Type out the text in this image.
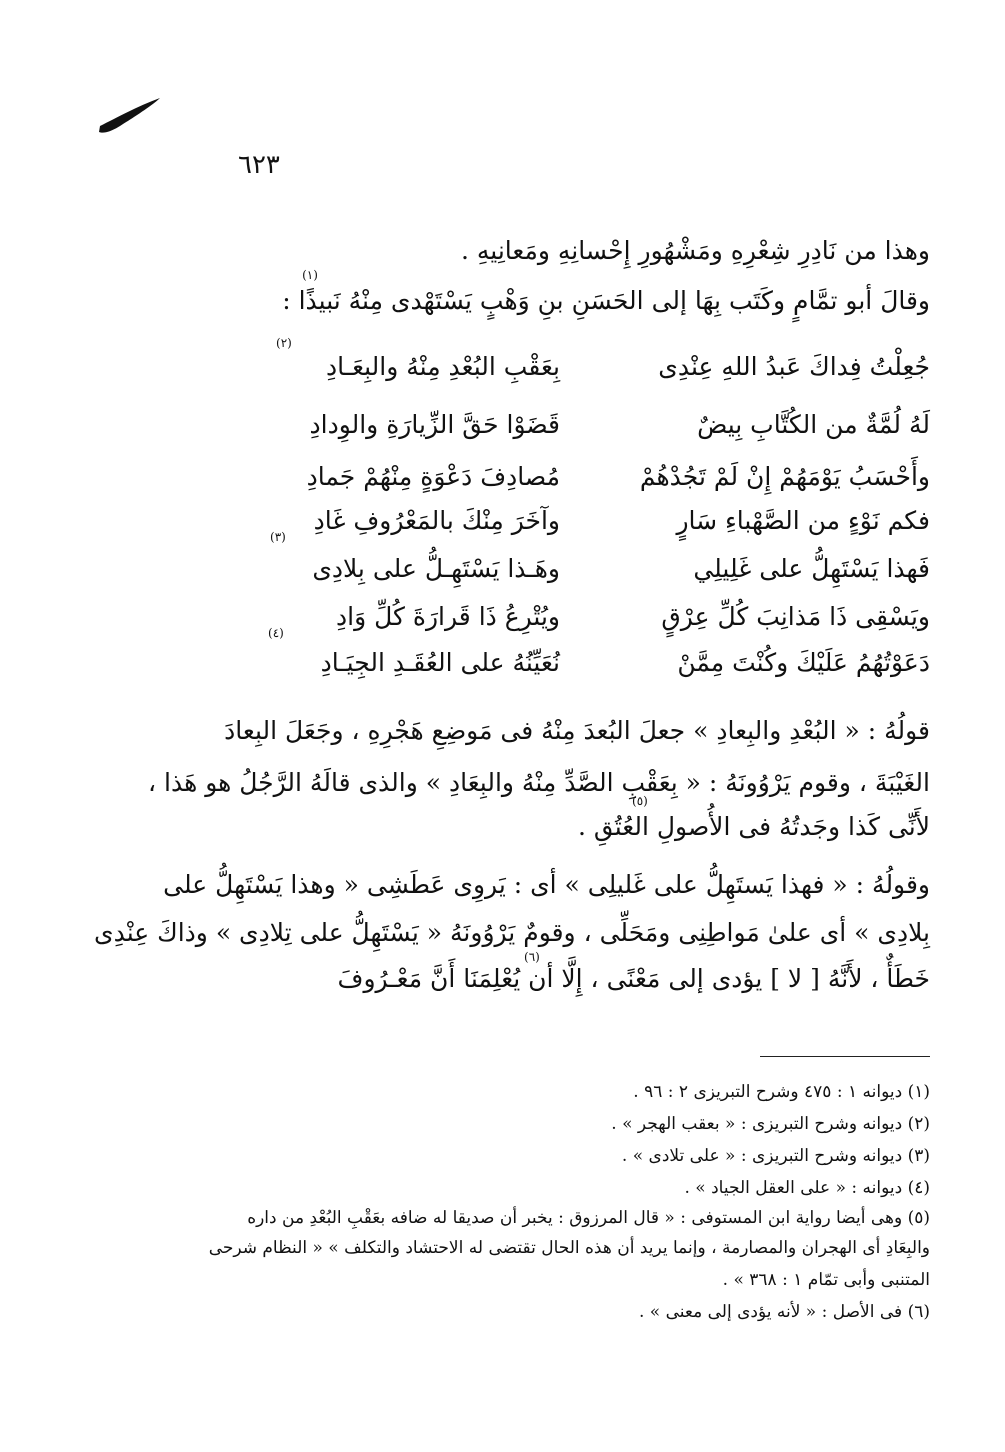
٦٢٣
وهذا من نَادِرِ شِعْرِهِ ومَشْهُورِ إِحْسانِهِ ومَعانِيهِ .
(١)
وقالَ أبو تمَّامٍ وكَتَب بِهَا إلى الحَسَنِ بنِ وَهْبٍ يَسْتَهْدى مِنْهُ نَبيذًا :
جُعِلْتُ فِداكَ عَبدُ اللهِ عِنْدِى
بِعَقْبِ البُعْدِ مِنْهُ والبِعَـادِ
(٢)
لَهُ لُمَّةٌ من الكُتَّابِ بِيضٌ
قَضَوْا حَقَّ الزِّيارَةِ والوِدادِ
وأَحْسَبُ يَوْمَهُمْ إِنْ لَمْ تَجُدْهُمْ
مُصادِفَ دَعْوَةٍ مِنْهُمْ جَمادِ
فكم نَوْءٍ من الصَّهْباءِ سَارٍ
وآخَرَ مِنْكَ بالمَعْرُوفِ غَادِ
(٣)
فَهذا يَسْتَهِلُّ على غَلِيلِي
وهَـذا يَسْتَهِـلُّ على بِلادِى
ويَسْقِى ذَا مَذانِبَ كُلِّ عِرْقٍ
ويُتْرِعُ ذَا قَرارَةَ كُلِّ وَادِ
(٤)
دَعَوْتُهُمُ عَلَيْكَ وكُنْتَ مِمَّنْ
نُعَيِّنُهُ على العُقَـدِ الجِيَـادِ
قولُهُ : « البُعْدِ والبِعادِ » جعلَ البُعدَ مِنْهُ فى مَوضِعِ هَجْرِهِ ، وجَعَلَ البِعادَ
الغَيْبَةَ ، وقوم يَرْوُونَهُ : « بِعَقْبِ الصَّدِّ مِنْهُ والبِعَادِ » والذى قالَهُ الرَّجُلُ هو هَذا ،
(٥)
لأَنِّى كَذا وجَدتُهُ فى الأُصولِ العُتُقِ .
وقولُهُ : « فهذا يَستَهِلُّ على غَليلِى » أى : يَروِى عَطَشِى « وهذا يَسْتَهِلُّ على
بِلادِى » أى علىٰ مَواطِنِى ومَحَلِّى ، وقومٌ يَرْوُونَهُ « يَسْتَهِلُّ على تِلادِى » وذاكَ عِنْدِى
(٦)
خَطَأٌ ، لأَنَّهُ [ لا ] يؤدى إلى مَعْنًى ، إِلَّا أن يُعْلِمَنَا أَنَّ مَعْـرُوفَ
(١) ديوانه ١ : ٤٧٥ وشرح التبريزى ٢ : ٩٦ .
(٢) ديوانه وشرح التبريزى : « بعقب الهجر » .
(٣) ديوانه وشرح التبريزى : « على تلادى » .
(٤) ديوانه : « على العقل الجياد » .
(٥) وهى أيضا رواية ابن المستوفى : « قال المرزوق : يخبر أن صديقا له ضافه بعَقْبِ البُعْدِ من داره
والبِعَادِ أى الهجران والمصارمة ، وإنما يريد أن هذه الحال تقتضى له الاحتشاد والتكلف » « النظام شرحى
المتنبى وأبى تمّام ١ : ٣٦٨ » .
(٦) فى الأصل : « لأنه يؤدى إلى معنى » .
